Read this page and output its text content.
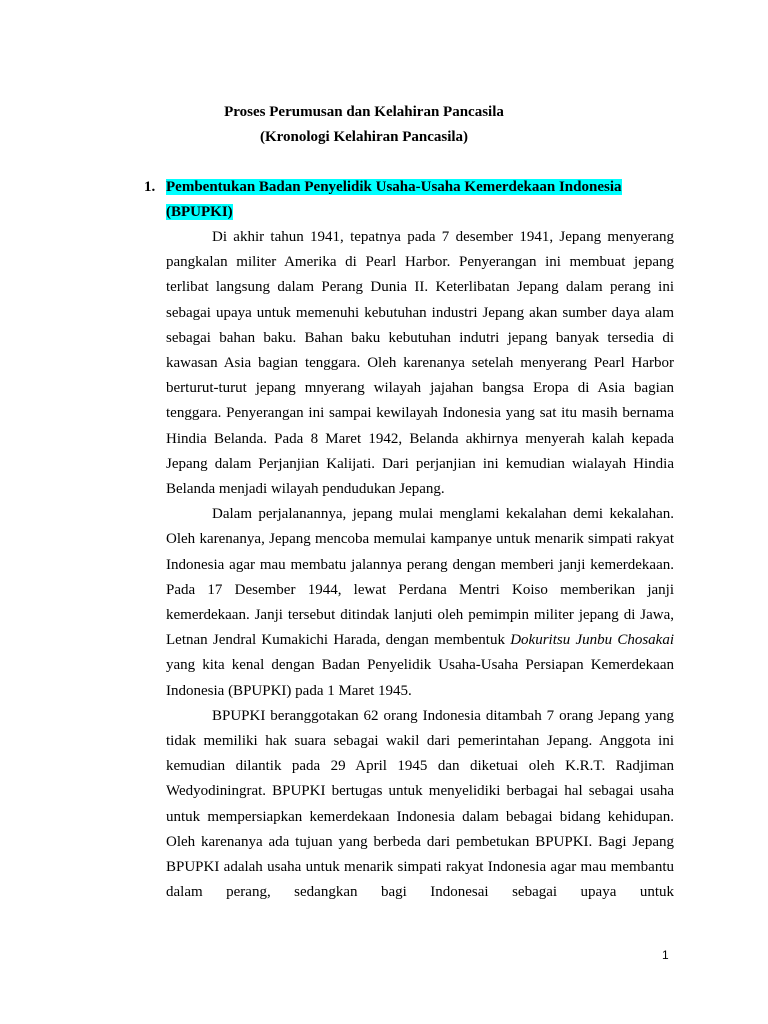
Proses Perumusan dan Kelahiran Pancasila
(Kronologi Kelahiran Pancasila)
1. Pembentukan Badan Penyelidik Usaha-Usaha Kemerdekaan Indonesia
(BPUPKI)

Di akhir tahun 1941, tepatnya pada 7 desember 1941, Jepang menyerang pangkalan militer Amerika di Pearl Harbor. Penyerangan ini membuat jepang terlibat langsung dalam Perang Dunia II. Keterlibatan Jepang dalam perang ini sebagai upaya untuk memenuhi kebutuhan industri Jepang akan sumber daya alam sebagai bahan baku. Bahan baku kebutuhan indutri jepang banyak tersedia di kawasan Asia bagian tenggara. Oleh karenanya setelah menyerang Pearl Harbor berturut-turut jepang mnyerang wilayah jajahan bangsa Eropa di Asia bagian tenggara. Penyerangan ini sampai kewilayah Indonesia yang sat itu masih bernama Hindia Belanda. Pada 8 Maret 1942, Belanda akhirnya menyerah kalah kepada Jepang dalam Perjanjian Kalijati. Dari perjanjian ini kemudian wialayah Hindia Belanda menjadi wilayah pendudukan Jepang.

Dalam perjalanannya, jepang mulai menglami kekalahan demi kekalahan. Oleh karenanya, Jepang mencoba memulai kampanye untuk menarik simpati rakyat Indonesia agar mau membatu jalannya perang dengan memberi janji kemerdekaan. Pada 17 Desember 1944, lewat Perdana Mentri Koiso memberikan janji kemerdekaan. Janji tersebut ditindak lanjuti oleh pemimpin militer jepang di Jawa, Letnan Jendral Kumakichi Harada, dengan membentuk Dokuritsu Junbu Chosakai yang kita kenal dengan Badan Penyelidik Usaha-Usaha Persiapan Kemerdekaan Indonesia (BPUPKI) pada 1 Maret 1945.

BPUPKI beranggotakan 62 orang Indonesia ditambah 7 orang Jepang yang tidak memiliki hak suara sebagai wakil dari pemerintahan Jepang. Anggota ini kemudian dilantik pada 29 April 1945 dan diketuai oleh K.R.T. Radjiman Wedyodiningrat. BPUPKI bertugas untuk menyelidiki berbagai hal sebagai usaha untuk mempersiapkan kemerdekaan Indonesia dalam bebagai bidang kehidupan. Oleh karenanya ada tujuan yang berbeda dari pembetukan BPUPKI. Bagi Jepang BPUPKI adalah usaha untuk menarik simpati rakyat Indonesia agar mau membantu dalam perang, sedangkan bagi Indonesai sebagai upaya untuk

1
